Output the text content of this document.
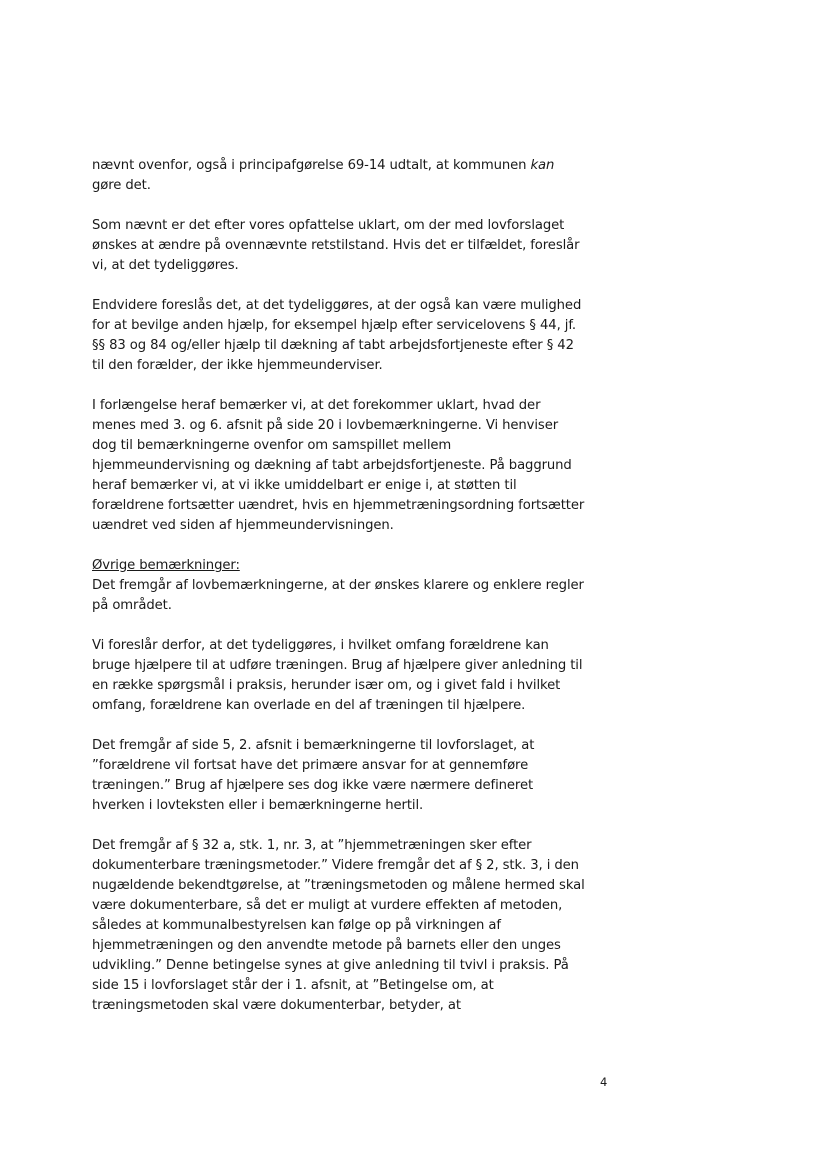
nævnt ovenfor, også i principafgørelse 69-14 udtalt, at kommunen kan
gøre det.

Som nævnt er det efter vores opfattelse uklart, om der med lovforslaget
ønskes at ændre på ovennævnte retstilstand. Hvis det er tilfældet, foreslår
vi, at det tydeliggøres.

Endvidere foreslås det, at det tydeliggøres, at der også kan være mulighed
for at bevilge anden hjælp, for eksempel hjælp efter servicelovens § 44, jf.
§§ 83 og 84 og/eller hjælp til dækning af tabt arbejdsfortjeneste efter § 42
til den forælder, der ikke hjemmeunderviser.

I forlængelse heraf bemærker vi, at det forekommer uklart, hvad der
menes med 3. og 6. afsnit på side 20 i lovbemærkningerne. Vi henviser
dog til bemærkningerne ovenfor om samspillet mellem
hjemmeundervisning og dækning af tabt arbejdsfortjeneste. På baggrund
heraf bemærker vi, at vi ikke umiddelbart er enige i, at støtten til
forældrene fortsætter uændret, hvis en hjemmetræningsordning fortsætter
uændret ved siden af hjemmeundervisningen.

Øvrige bemærkninger:
Det fremgår af lovbemærkningerne, at der ønskes klarere og enklere regler
på området.

Vi foreslår derfor, at det tydeliggøres, i hvilket omfang forældrene kan
bruge hjælpere til at udføre træningen. Brug af hjælpere giver anledning til
en række spørgsmål i praksis, herunder især om, og i givet fald i hvilket
omfang, forældrene kan overlade en del af træningen til hjælpere.

Det fremgår af side 5, 2. afsnit i bemærkningerne til lovforslaget, at
”forældrene vil fortsat have det primære ansvar for at gennemføre
træningen.” Brug af hjælpere ses dog ikke være nærmere defineret
hverken i lovteksten eller i bemærkningerne hertil.

Det fremgår af § 32 a, stk. 1, nr. 3, at ”hjemmetræningen sker efter
dokumenterbare træningsmetoder.” Videre fremgår det af § 2, stk. 3, i den
nugældende bekendtgørelse, at ”træningsmetoden og målene hermed skal
være dokumenterbare, så det er muligt at vurdere effekten af metoden,
således at kommunalbestyrelsen kan følge op på virkningen af
hjemmetræningen og den anvendte metode på barnets eller den unges
udvikling.” Denne betingelse synes at give anledning til tvivl i praksis. På
side 15 i lovforslaget står der i 1. afsnit, at ”Betingelse om, at
træningsmetoden skal være dokumenterbar, betyder, at

4
